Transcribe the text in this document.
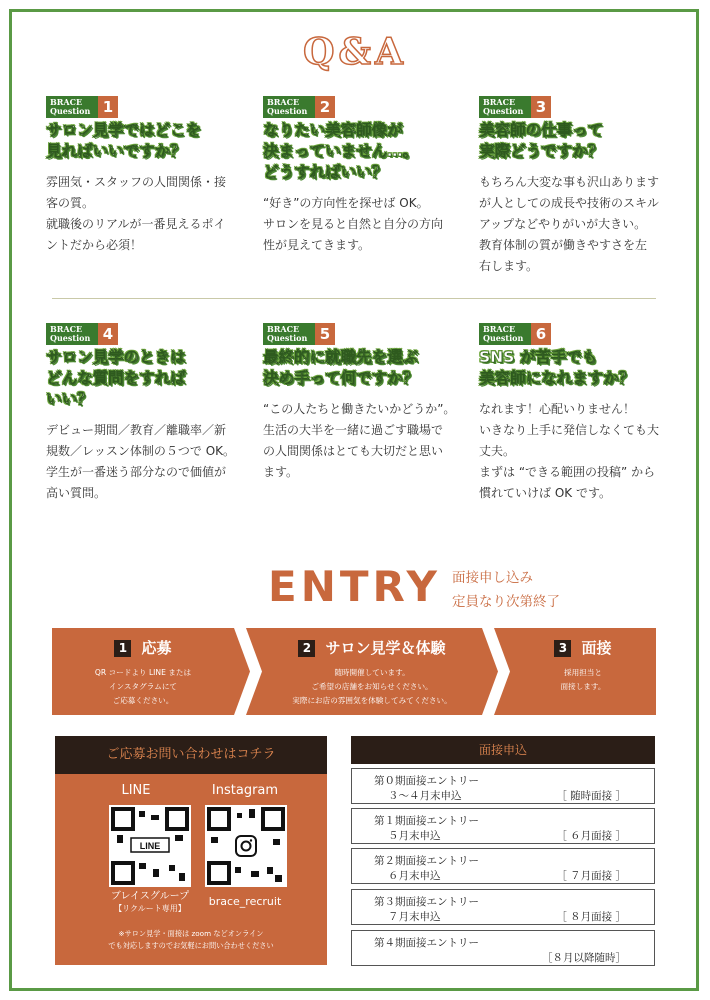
Q&A
BRACE
Question 1
サロン見学ではどこを
見ればいいですか？
雰囲気・スタッフの人間関係・接
客の質。
就職後のリアルが一番見えるポイ
ントだから必須！
BRACE
Question 2
なりたい美容師像が
決まっていません…。
どうすればいい？
“好き”の方向性を探せば OK。
サロンを見ると自然と自分の方向
性が見えてきます。
BRACE
Question 3
美容師の仕事って
実際どうですか？
もちろん大変な事も沢山あります
が人としての成長や技術のスキル
アップなどやりがいが大きい。
教育体制の質が働きやすさを左
右します。
BRACE
Question 4
サロン見学のときは
どんな質問をすれば
いい？
デビュー期間／教育／離職率／新
規数／レッスン体制の５つで OK。
学生が一番迷う部分なので価値が
高い質問。
BRACE
Question 5
最終的に就職先を選ぶ
決め手って何ですか？
“この人たちと働きたいかどうか”。
生活の大半を一緒に過ごす職場で
の人間関係はとても大切だと思い
ます。
BRACE
Question 6
SNS が苦手でも
美容師になれますか？
なれます！心配いりません！
いきなり上手に発信しなくても大
丈夫。
まずは “できる範囲の投稿” から
慣れていけば OK です。
ENTRY 面接申し込み
定員なり次第終了
1 応募
QR コードより LINE または
インスタグラムにて
ご応募ください。
2 サロン見学＆体験
随時開催しています。
ご希望の店舗をお知らせください。
実際にお店の雰囲気を体験してみてください。
3 面接
採用担当と
面接します。
ご応募お問い合わせはコチラ
LINE
LINE
ブレイスグループ
【リクルート専用】
Instagram
brace_recruit
※サロン見学・面接は zoom などオンライン
でも対応しますのでお気軽にお問い合わせください
面接申込
第０期面接エントリー
３～４月末申込	［ 随時面接 ］
第１期面接エントリー
５月末申込	［ ６月面接 ］
第２期面接エントリー
６月末申込	［ ７月面接 ］
第３期面接エントリー
７月末申込	［ ８月面接 ］
第４期面接エントリー
［８月以降随時］
